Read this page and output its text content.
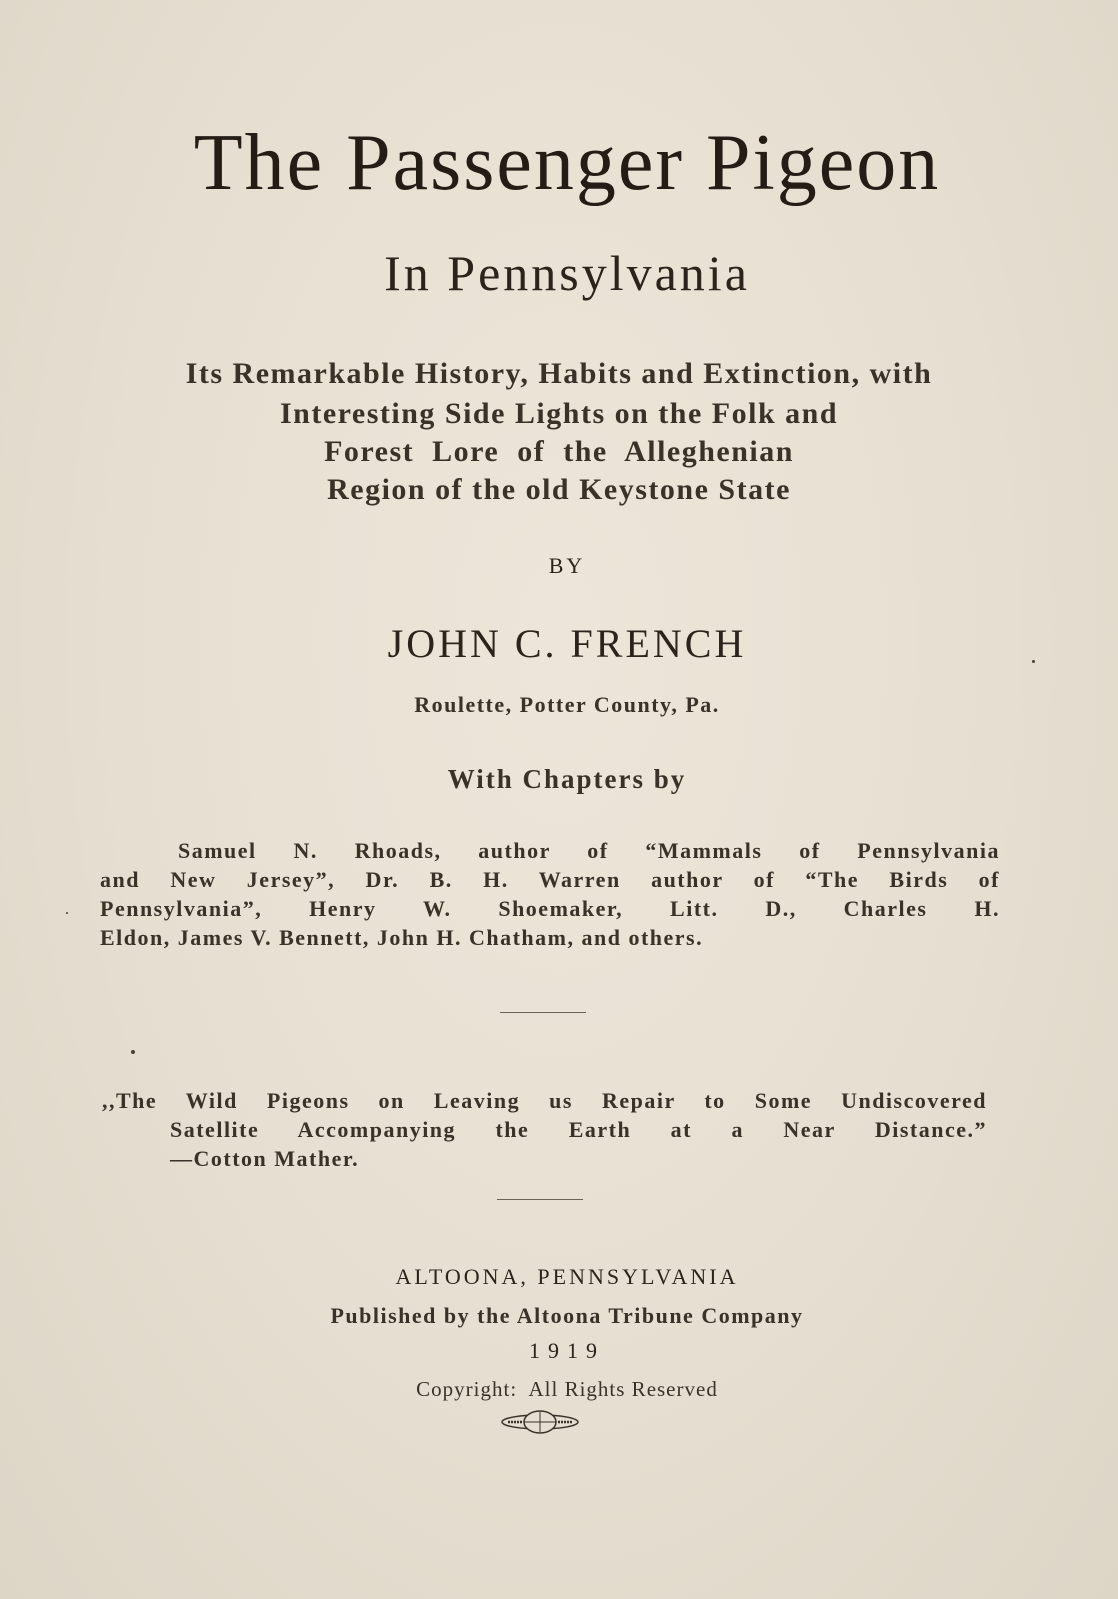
The Passenger Pigeon
In Pennsylvania
Its Remarkable History, Habits and Extinction, with
Interesting Side Lights on the Folk and
Forest  Lore  of  the  Alleghenian
Region of the old Keystone State
BY
JOHN C. FRENCH
Roulette, Potter County, Pa.
With Chapters by
Samuel N. Rhoads, author of “Mammals of Pennsylvania
and New Jersey”, Dr. B. H. Warren author of “The Birds of
Pennsylvania”, Henry W. Shoemaker, Litt. D., Charles H.
Eldon, James V. Bennett, John H. Chatham, and others.
,,The Wild Pigeons on Leaving us Repair to Some Undiscovered
Satellite Accompanying the Earth at a Near Distance.”
—Cotton Mather.
ALTOONA, PENNSYLVANIA
Published by the Altoona Tribune Company
1919
Copyright:  All Rights Reserved
